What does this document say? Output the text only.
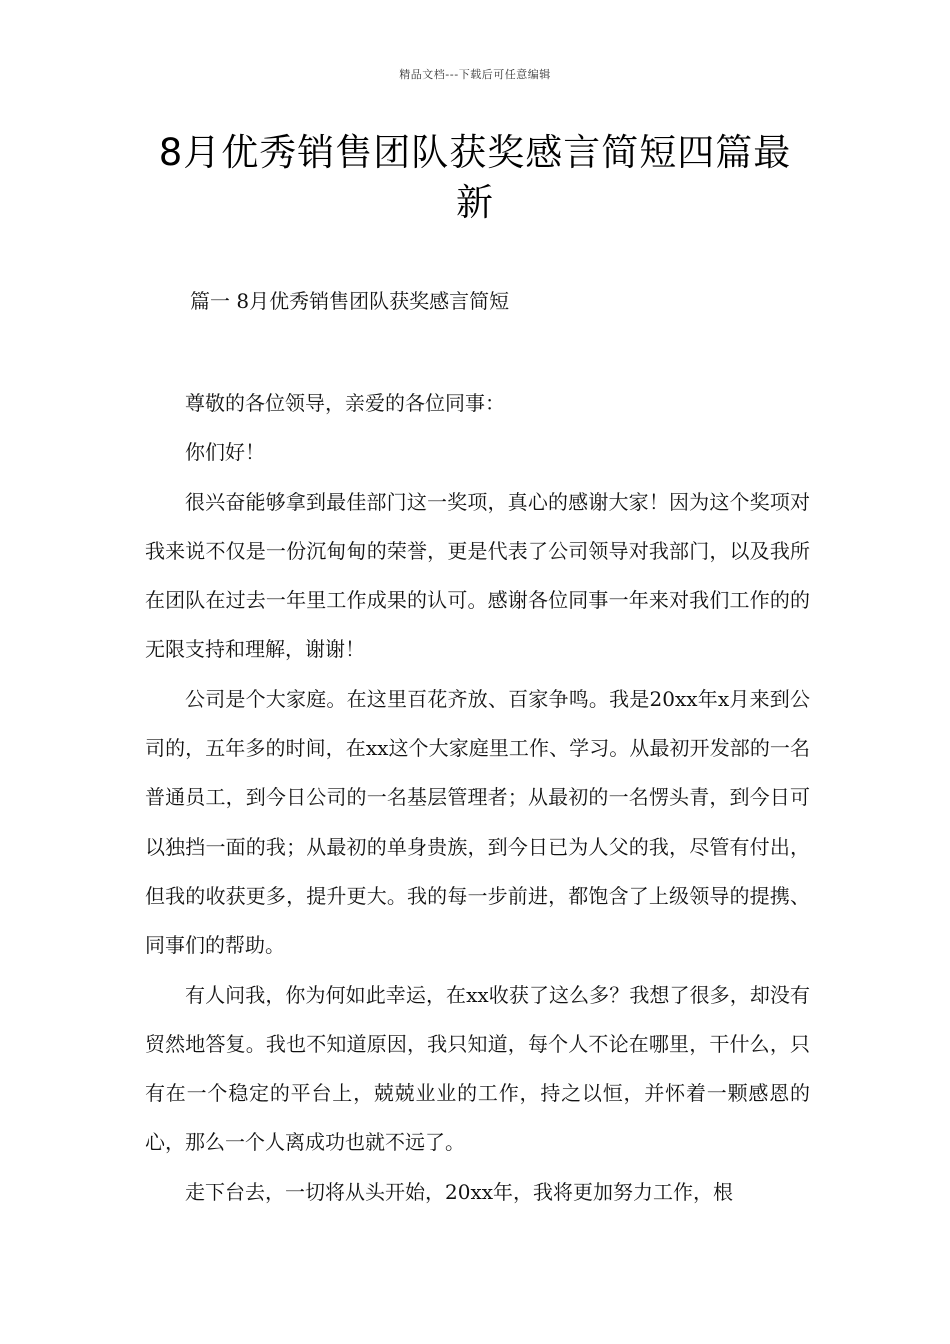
精品文档---下载后可任意编辑
8月优秀销售团队获奖感言简短四篇最新
篇一 8月优秀销售团队获奖感言简短

尊敬的各位领导，亲爱的各位同事：

你们好！

很兴奋能够拿到最佳部门这一奖项，真心的感谢大家！因为这个奖项对我来说不仅是一份沉甸甸的荣誉，更是代表了公司领导对我部门，以及我所在团队在过去一年里工作成果的认可。感谢各位同事一年来对我们工作的的无限支持和理解，谢谢！

公司是个大家庭。在这里百花齐放、百家争鸣。我是20xx年x月来到公司的，五年多的时间，在xx这个大家庭里工作、学习。从最初开发部的一名普通员工，到今日公司的一名基层管理者；从最初的一名愣头青，到今日可以独挡一面的我；从最初的单身贵族，到今日已为人父的我，尽管有付出，但我的收获更多，提升更大。我的每一步前进，都饱含了上级领导的提携、同事们的帮助。

有人问我，你为何如此幸运，在xx收获了这么多？我想了很多，却没有贸然地答复。我也不知道原因，我只知道，每个人不论在哪里，干什么，只有在一个稳定的平台上，兢兢业业的工作，持之以恒，并怀着一颗感恩的心，那么一个人离成功也就不远了。

走下台去，一切将从头开始，20xx年，我将更加努力工作，根
